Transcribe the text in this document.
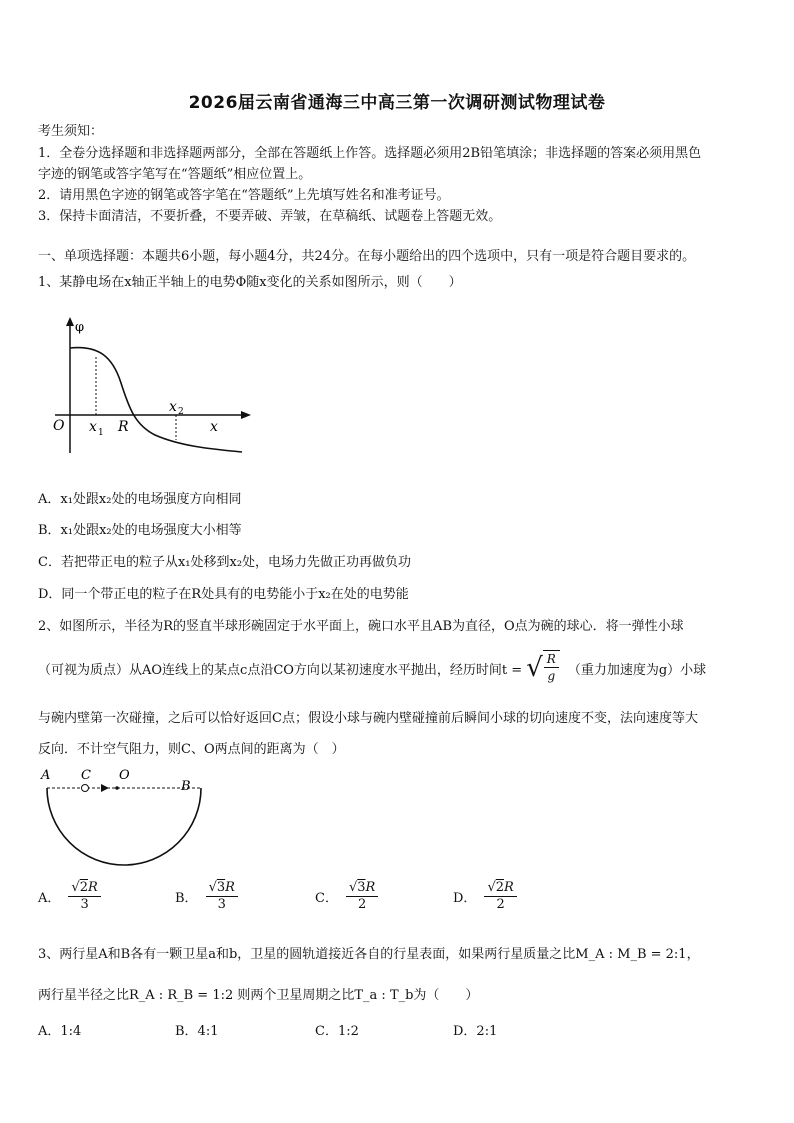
2026届云南省通海三中高三第一次调研测试物理试卷
考生须知：
1．全卷分选择题和非选择题两部分，全部在答题纸上作答。选择题必须用2B铅笔填涂；非选择题的答案必须用黑色
字迹的钢笔或答字笔写在“答题纸”相应位置上。
2．请用黑色字迹的钢笔或答字笔在“答题纸”上先填写姓名和准考证号。
3．保持卡面清洁，不要折叠，不要弄破、弄皱，在草稿纸、试题卷上答题无效。
一、单项选择题：本题共6小题，每小题4分，共24分。在每小题给出的四个选项中，只有一项是符合题目要求的。
1、某静电场在x轴正半轴上的电势Φ随x变化的关系如图所示，则（　　）
φ
O x 1 R
x 2
x
A．x₁处跟x₂处的电场强度方向相同
B．x₁处跟x₂处的电场强度大小相等
C．若把带正电的粒子从x₁处移到x₂处，电场力先做正功再做负功
D．同一个带正电的粒子在R处具有的电势能小于x₂在处的电势能
2、如图所示，半径为R的竖直半球形碗固定于水平面上，碗口水平且AB为直径，O点为碗的球心．将一弹性小球
（可视为质点）从AO连线上的某点c点沿CO方向以某初速度水平抛出，经历时间t = √ $\frac{R}{g}$ （重力加速度为g）小球
与碗内壁第一次碰撞，之后可以恰好返回C点；假设小球与碗内壁碰撞前后瞬间小球的切向速度不变，法向速度等大
反向．不计空气阻力，则C、O两点间的距离为（　）
A C O
B
A． $\frac{√2R}{3}$	B． $\frac{√3R}{3}$	C． $\frac{√3R}{2}$	D． $\frac{√2R}{2}$
3、两行星A和B各有一颗卫星a和b，卫星的圆轨道接近各自的行星表面，如果两行星质量之比M_A : M_B = 2:1，
两行星半径之比R_A : R_B = 1:2 则两个卫星周期之比T_a : T_b为（　　）
A．1:4	B．4:1	C．1:2	D．2:1
